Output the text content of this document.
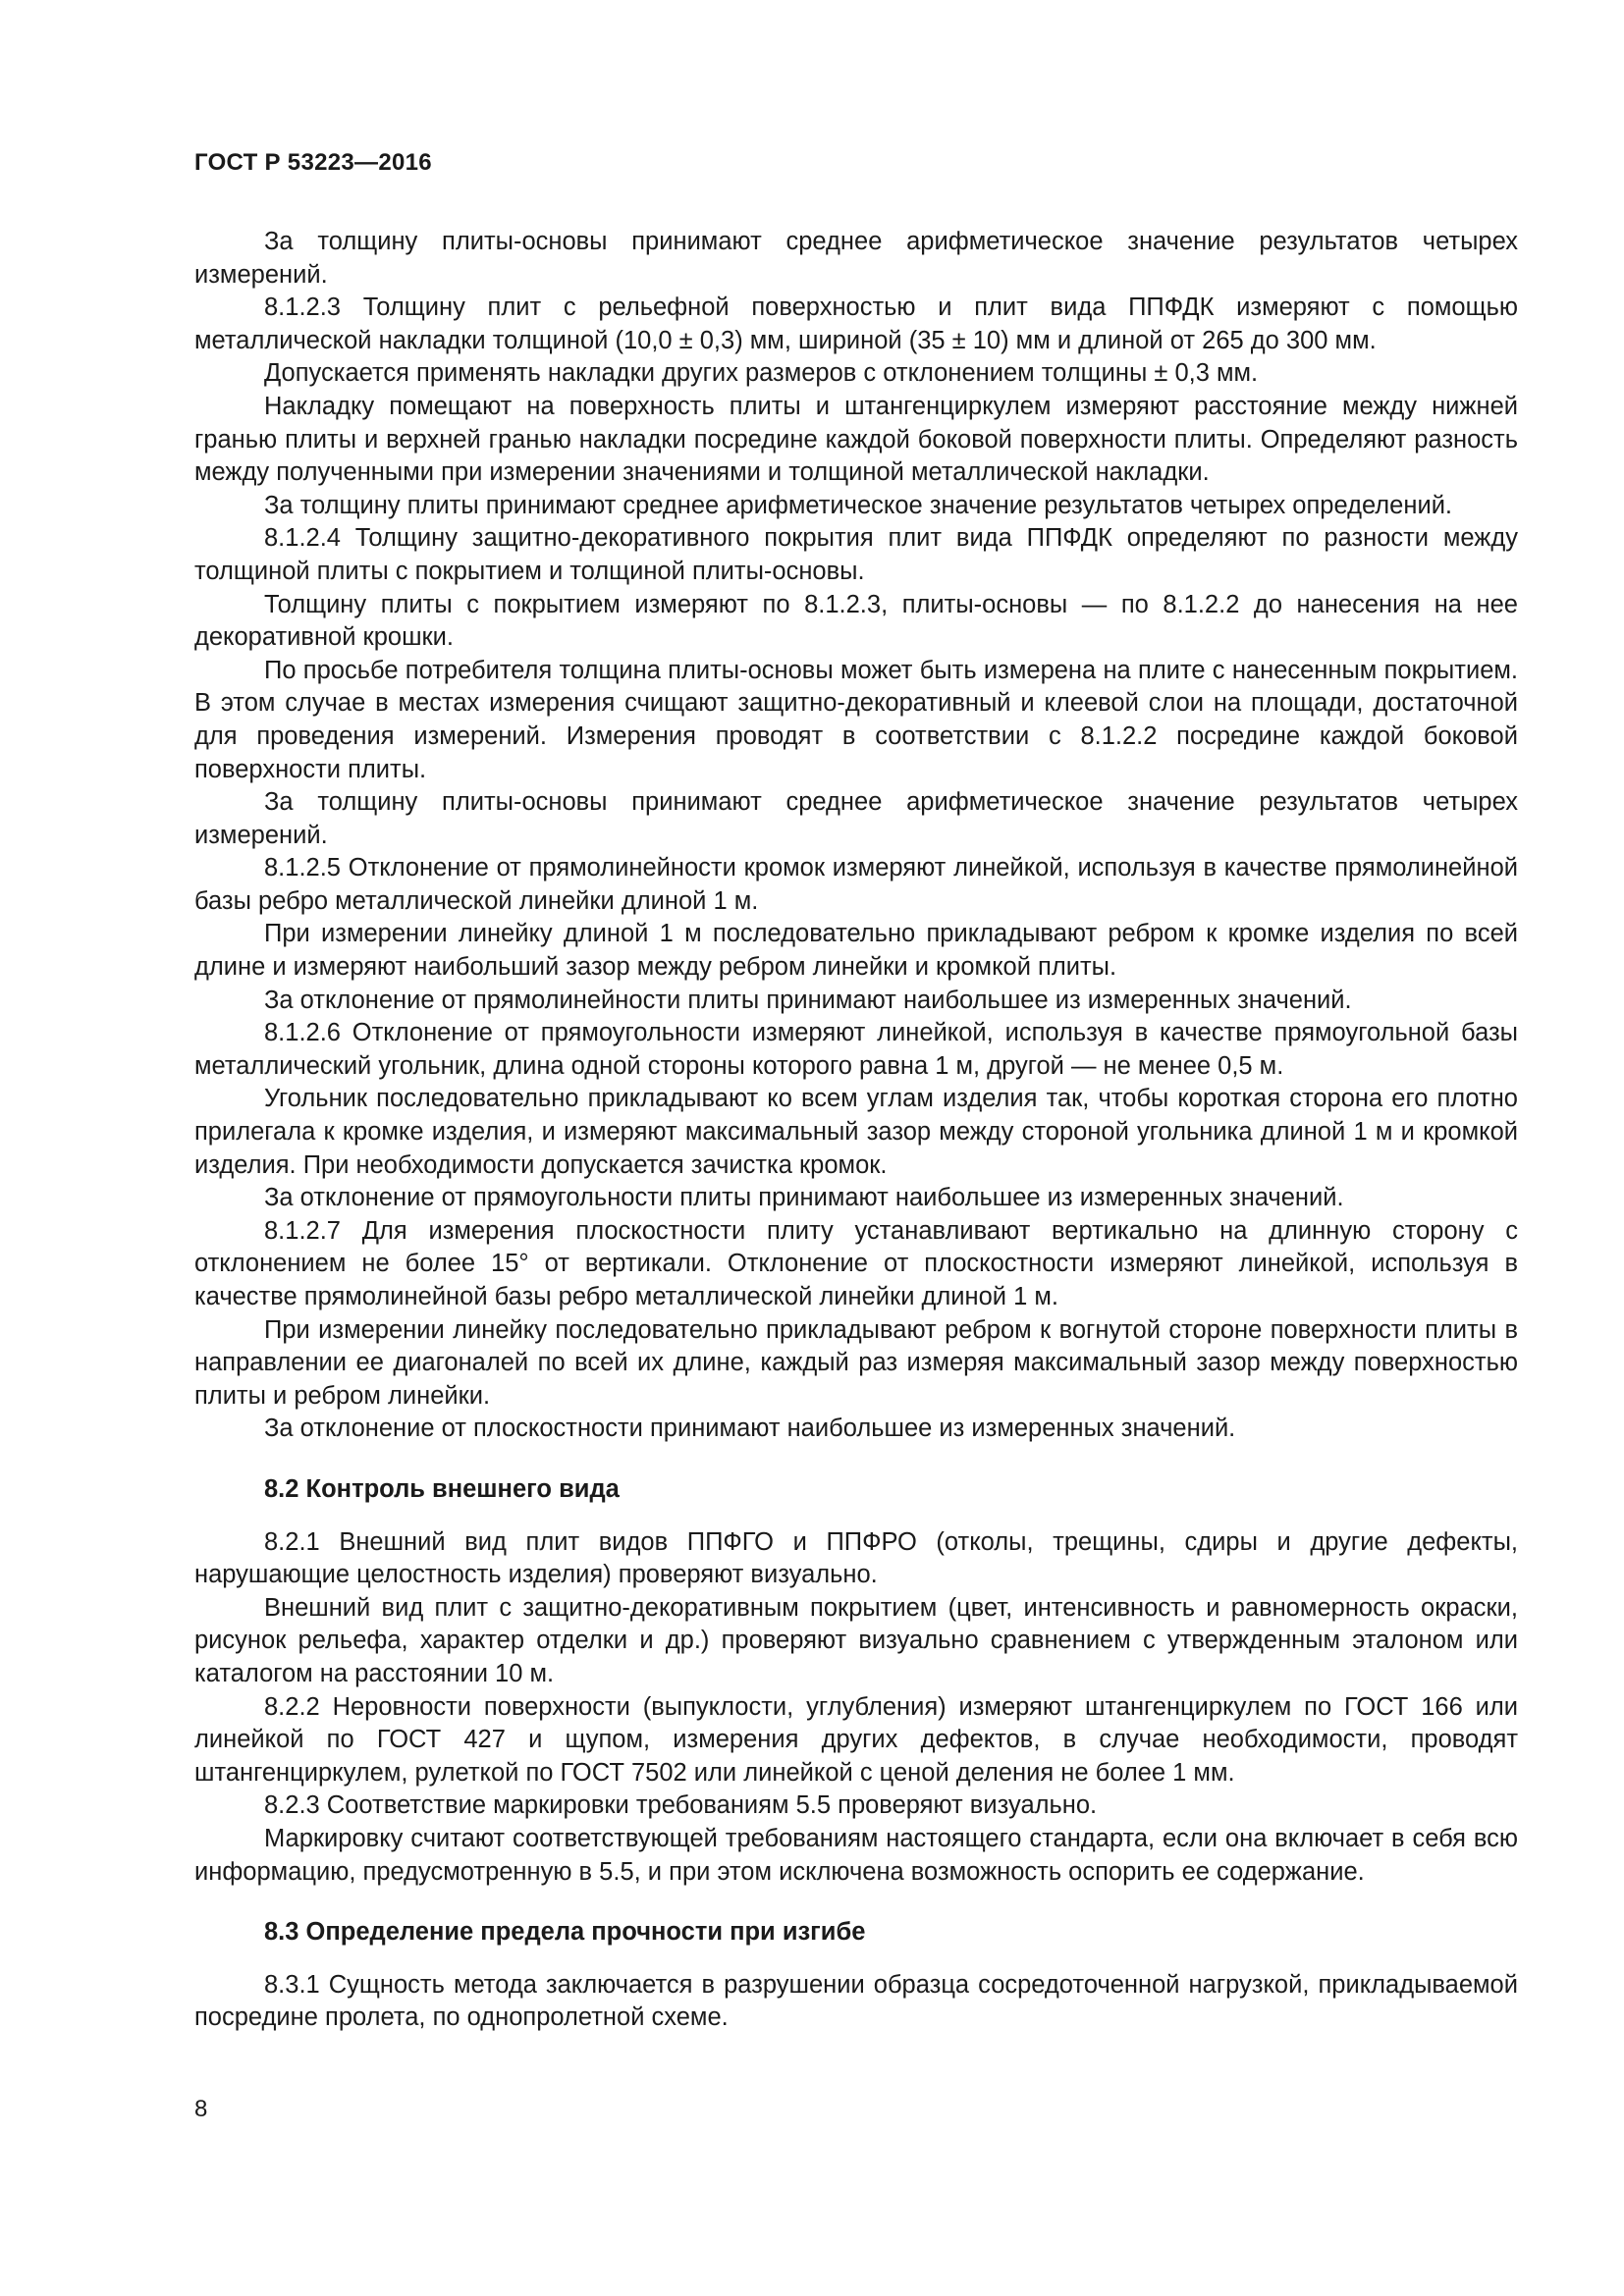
ГОСТ Р 53223—2016

За толщину плиты-основы принимают среднее арифметическое значение результатов четырех измерений.

8.1.2.3 Толщину плит с рельефной поверхностью и плит вида ППФДК измеряют с помощью металлической накладки толщиной (10,0 ± 0,3) мм, шириной (35 ± 10) мм и длиной от 265 до 300 мм.

Допускается применять накладки других размеров с отклонением толщины ± 0,3 мм.

Накладку помещают на поверхность плиты и штангенциркулем измеряют расстояние между нижней гранью плиты и верхней гранью накладки посредине каждой боковой поверхности плиты. Определяют разность между полученными при измерении значениями и толщиной металлической накладки.

За толщину плиты принимают среднее арифметическое значение результатов четырех определений.

8.1.2.4 Толщину защитно-декоративного покрытия плит вида ППФДК определяют по разности между толщиной плиты с покрытием и толщиной плиты-основы.

Толщину плиты с покрытием измеряют по 8.1.2.3, плиты-основы — по 8.1.2.2 до нанесения на нее декоративной крошки.

По просьбе потребителя толщина плиты-основы может быть измерена на плите с нанесенным покрытием. В этом случае в местах измерения счищают защитно-декоративный и клеевой слои на площади, достаточной для проведения измерений. Измерения проводят в соответствии с 8.1.2.2 посредине каждой боковой поверхности плиты.

За толщину плиты-основы принимают среднее арифметическое значение результатов четырех измерений.

8.1.2.5 Отклонение от прямолинейности кромок измеряют линейкой, используя в качестве прямолинейной базы ребро металлической линейки длиной 1 м.

При измерении линейку длиной 1 м последовательно прикладывают ребром к кромке изделия по всей длине и измеряют наибольший зазор между ребром линейки и кромкой плиты.

За отклонение от прямолинейности плиты принимают наибольшее из измеренных значений.

8.1.2.6 Отклонение от прямоугольности измеряют линейкой, используя в качестве прямоугольной базы металлический угольник, длина одной стороны которого равна 1 м, другой — не менее 0,5 м.

Угольник последовательно прикладывают ко всем углам изделия так, чтобы короткая сторона его плотно прилегала к кромке изделия, и измеряют максимальный зазор между стороной угольника длиной 1 м и кромкой изделия. При необходимости допускается зачистка кромок.

За отклонение от прямоугольности плиты принимают наибольшее из измеренных значений.

8.1.2.7 Для измерения плоскостности плиту устанавливают вертикально на длинную сторону с отклонением не более 15° от вертикали. Отклонение от плоскостности измеряют линейкой, используя в качестве прямолинейной базы ребро металлической линейки длиной 1 м.

При измерении линейку последовательно прикладывают ребром к вогнутой стороне поверхности плиты в направлении ее диагоналей по всей их длине, каждый раз измеряя максимальный зазор между поверхностью плиты и ребром линейки.

За отклонение от плоскостности принимают наибольшее из измеренных значений.

8.2 Контроль внешнего вида

8.2.1 Внешний вид плит видов ППФГО и ППФРО (отколы, трещины, сдиры и другие дефекты, нарушающие целостность изделия) проверяют визуально.

Внешний вид плит с защитно-декоративным покрытием (цвет, интенсивность и равномерность окраски, рисунок рельефа, характер отделки и др.) проверяют визуально сравнением с утвержденным эталоном или каталогом на расстоянии 10 м.

8.2.2 Неровности поверхности (выпуклости, углубления) измеряют штангенциркулем по ГОСТ 166 или линейкой по ГОСТ 427 и щупом, измерения других дефектов, в случае необходимости, проводят штангенциркулем, рулеткой по ГОСТ 7502 или линейкой с ценой деления не более 1 мм.

8.2.3 Соответствие маркировки требованиям 5.5 проверяют визуально.

Маркировку считают соответствующей требованиям настоящего стандарта, если она включает в себя всю информацию, предусмотренную в 5.5, и при этом исключена возможность оспорить ее содержание.

8.3 Определение предела прочности при изгибе

8.3.1 Сущность метода заключается в разрушении образца сосредоточенной нагрузкой, прикладываемой посредине пролета, по однопролетной схеме.

8
